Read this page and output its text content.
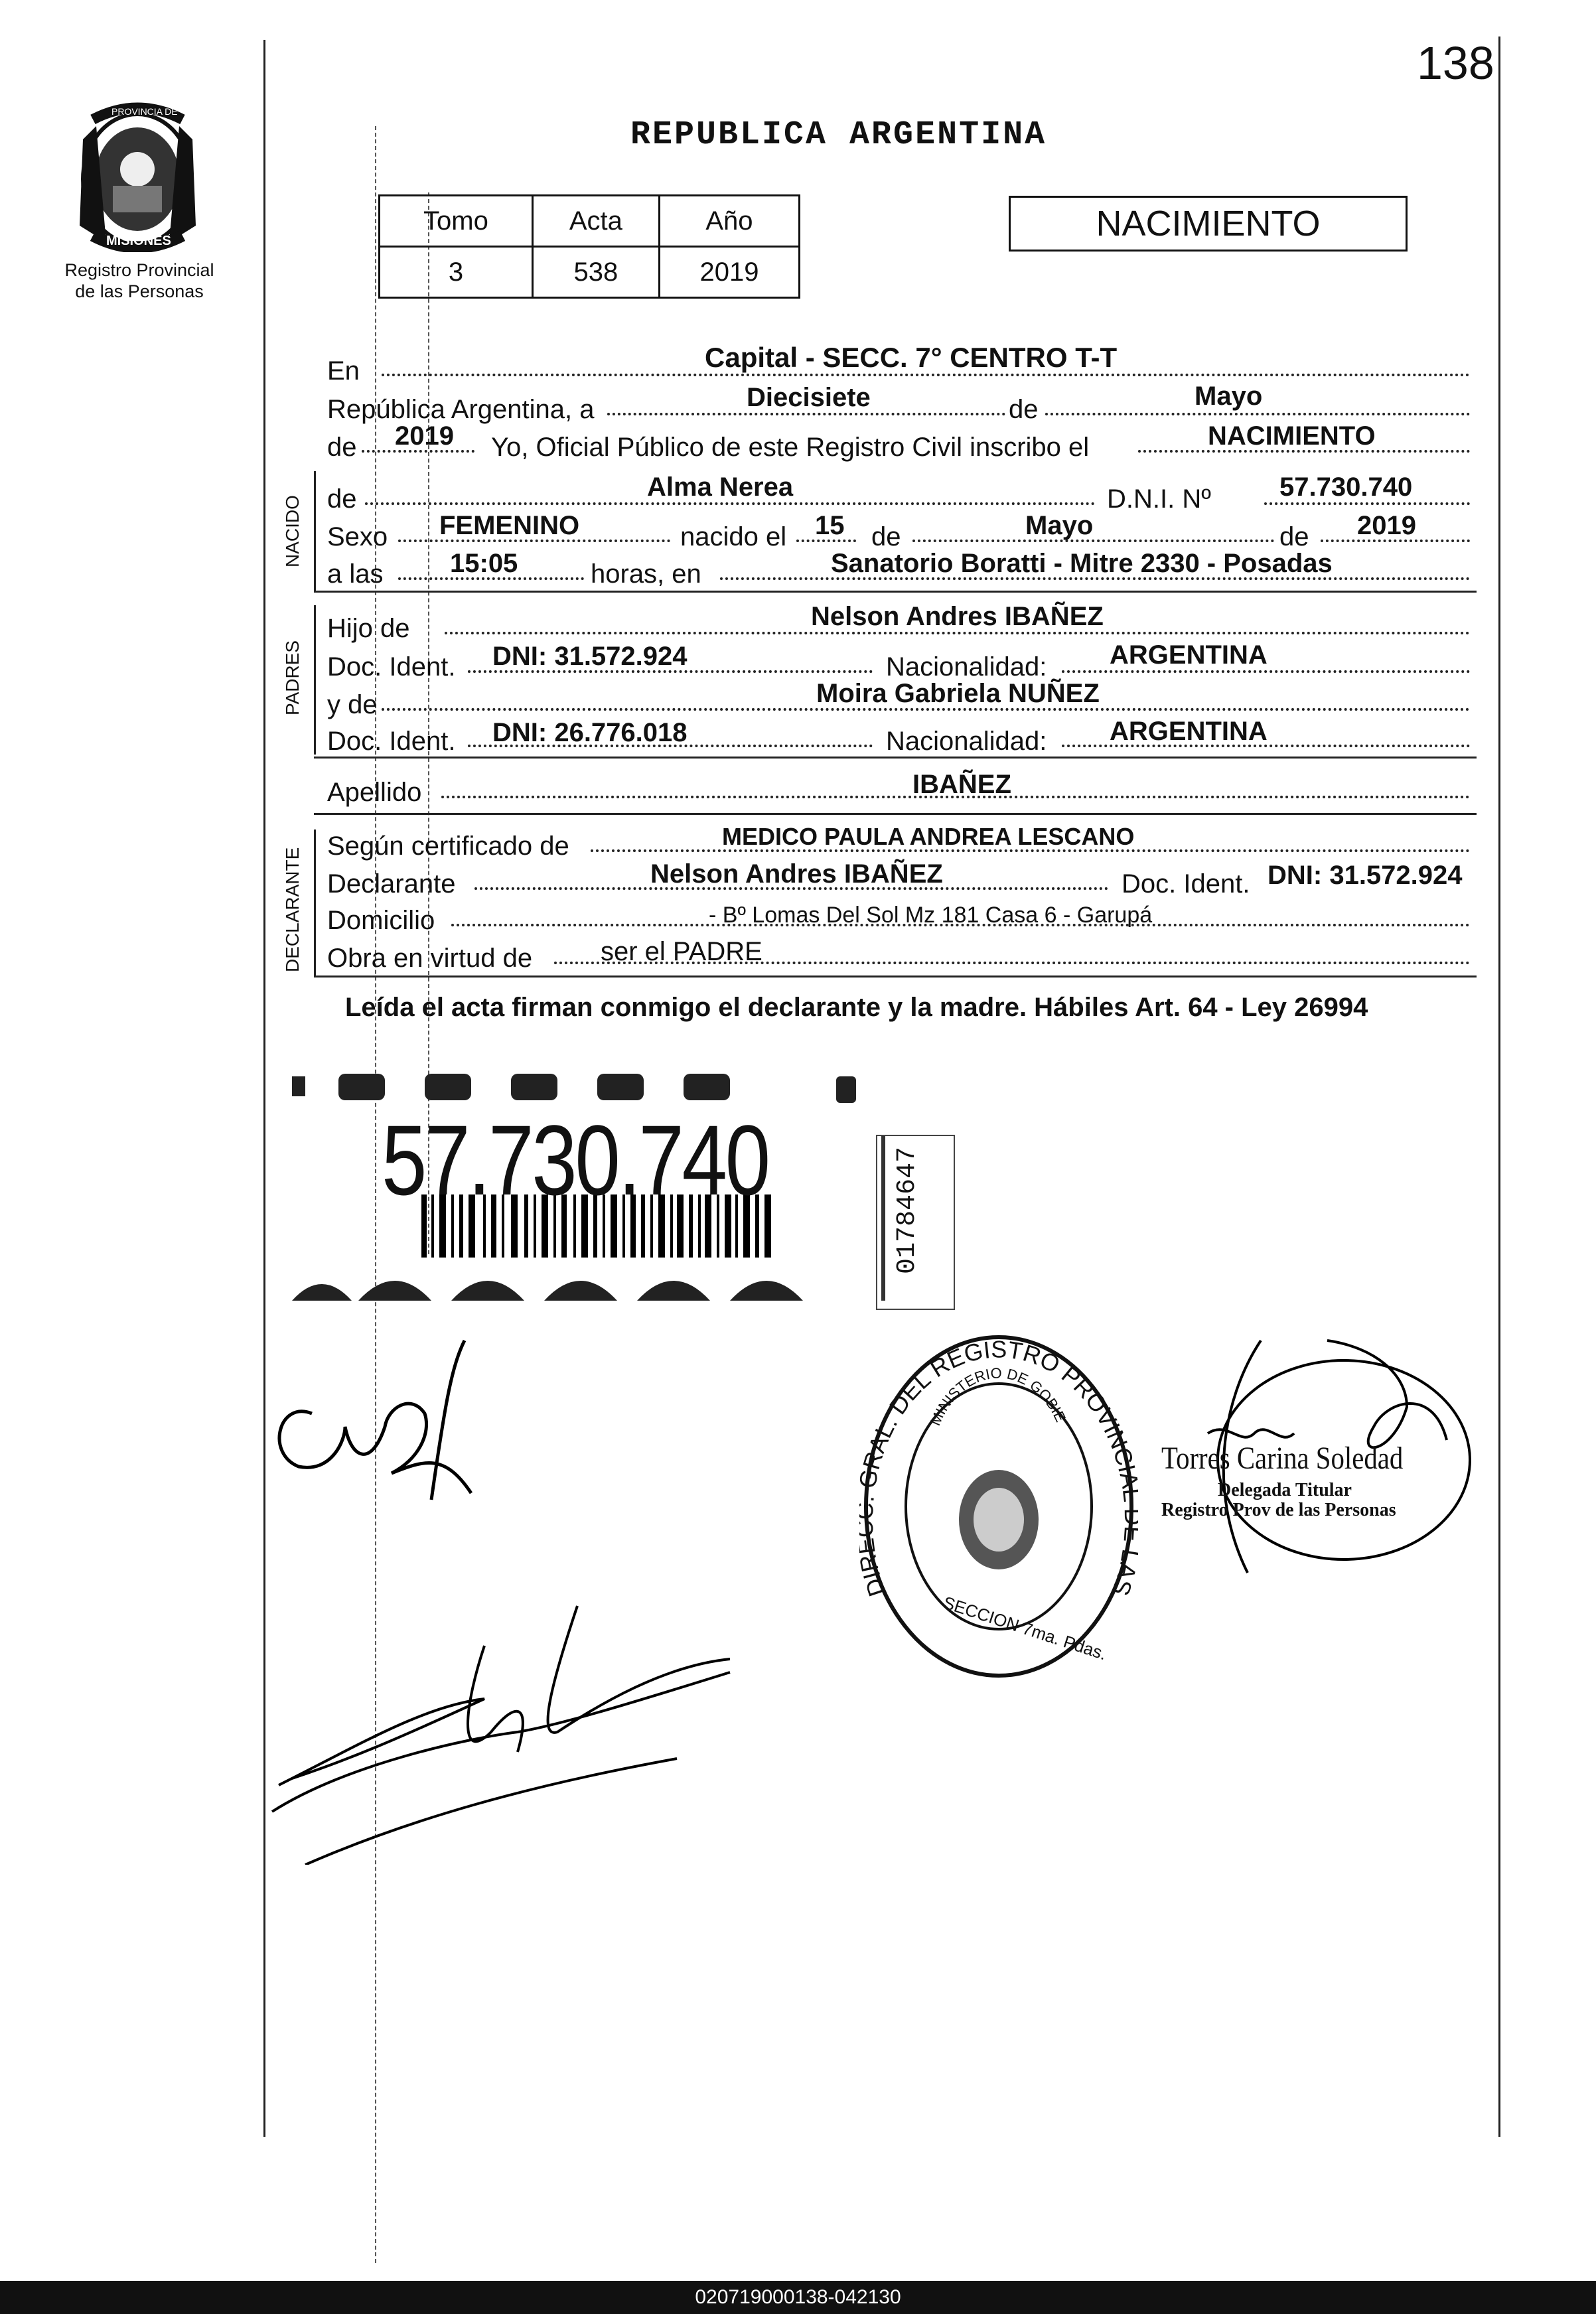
138
PROVINCIA DE
MISIONES
Registro Provincial
de las Personas
REPUBLICA ARGENTINA
Tomo	Acta	Año
3	538	2019
NACIMIENTO
En	Capital - SECC. 7° CENTRO T-T
República Argentina, a	Diecisiete	de	Mayo
de 2019 Yo, Oficial Público de este Registro Civil inscribo el	NACIMIENTO
NACIDO de	Alma Nerea	D.N.I. Nº	57.730.740
Sexo FEMENINO	nacido el 15 de	Mayo	de 2019
a las	15:05	horas, en	Sanatorio Boratti - Mitre 2330 - Posadas
PADRES
Hijo de	Nelson Andres IBAÑEZ
Doc. Ident. DNI: 31.572.924	Nacionalidad: ARGENTINA
y de	Moira Gabriela NUÑEZ
Doc. Ident. DNI: 26.776.018	Nacionalidad: ARGENTINA
Apellido	IBAÑEZ
DECLARANTE
Según certificado de	MEDICO PAULA ANDREA LESCANO
Declarante	Nelson Andres IBAÑEZ	Doc. Ident. DNI: 31.572.924
Domicilio	- Bº Lomas Del Sol Mz 181 Casa 6 - Garupá
Obra en virtud de	ser el PADRE
Leída el acta firman conmigo el declarante y la madre. Hábiles Art. 64 - Ley 26994
57.730.740	01784647
DI RAL. DEL REGISTRO PROVINCI S
MINISTERIO DE GOBIE
SECCION 7ma. Pdas.
Torres Carina Soledad
Delegada Titular
Registro Prov de las Personas
020719000138-042130
